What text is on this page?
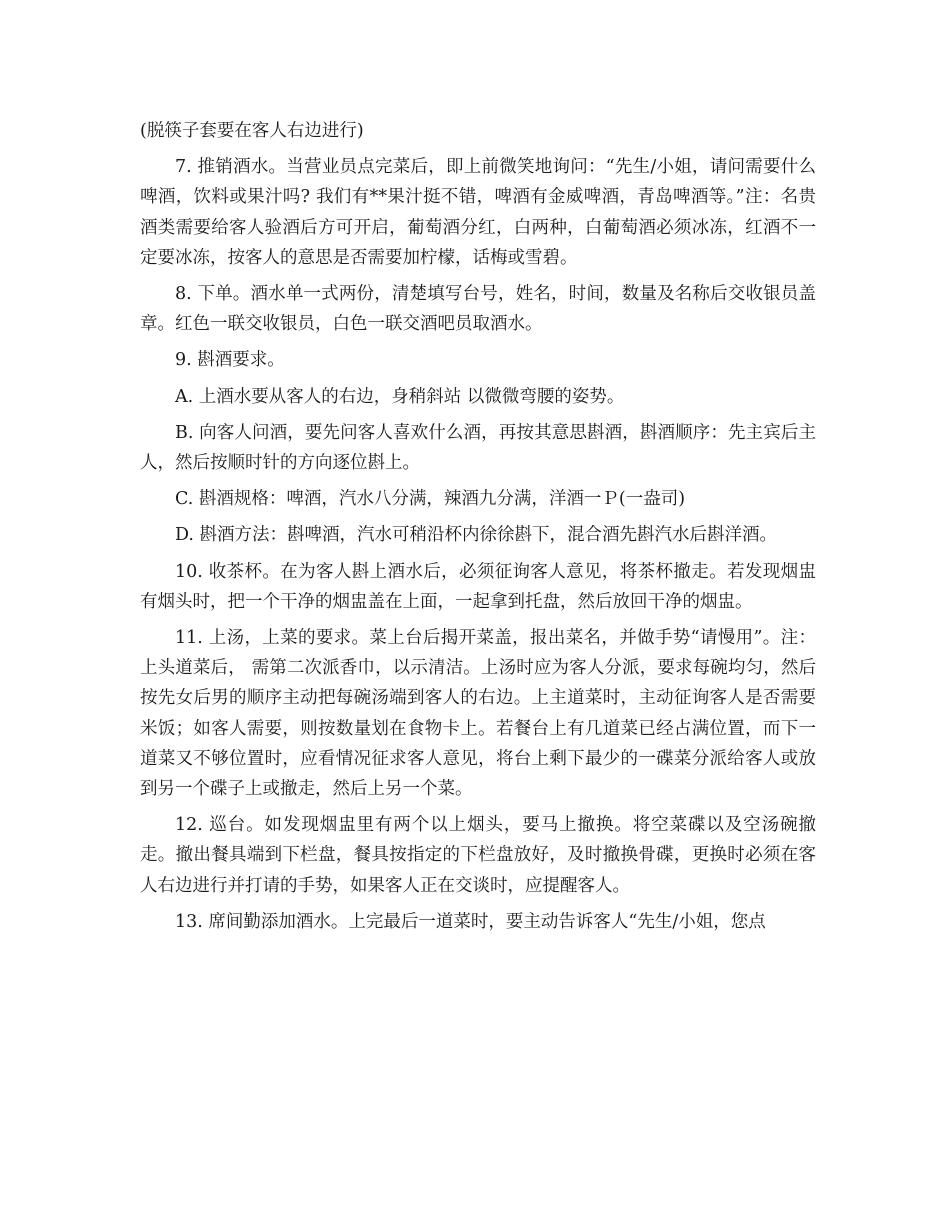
(脱筷子套要在客人右边进行)

7. 推销酒水。当营业员点完菜后，即上前微笑地询问：“先生/小姐，请问需要什么啤酒，饮料或果汁吗? 我们有**果汁挺不错，啤酒有金威啤酒，青岛啤酒等。”注：名贵酒类需要给客人验酒后方可开启，葡萄酒分红，白两种，白葡萄酒必须冰冻，红酒不一定要冰冻，按客人的意思是否需要加柠檬，话梅或雪碧。

8. 下单。酒水单一式两份，清楚填写台号，姓名，时间，数量及名称后交收银员盖章。红色一联交收银员，白色一联交酒吧员取酒水。

9. 斟酒要求。

A. 上酒水要从客人的右边，身稍斜站 以微微弯腰的姿势。

B. 向客人问酒，要先问客人喜欢什么酒，再按其意思斟酒，斟酒顺序：先主宾后主人，然后按顺时针的方向逐位斟上。

C. 斟酒规格：啤酒，汽水八分满，辣酒九分满，洋酒一Ｐ(一盎司)

D. 斟酒方法：斟啤酒，汽水可稍沿杯内徐徐斟下，混合酒先斟汽水后斟洋酒。

10. 收茶杯。在为客人斟上酒水后，必须征询客人意见，将茶杯撤走。若发现烟盅有烟头时，把一个干净的烟盅盖在上面，一起拿到托盘，然后放回干净的烟盅。

11. 上汤，上菜的要求。菜上台后揭开菜盖，报出菜名，并做手势“请慢用”。注：上头道菜后， 需第二次派香巾，以示清洁。上汤时应为客人分派，要求每碗均匀，然后按先女后男的顺序主动把每碗汤端到客人的右边。上主道菜时，主动征询客人是否需要米饭；如客人需要，则按数量划在食物卡上。若餐台上有几道菜已经占满位置，而下一道菜又不够位置时，应看情况征求客人意见，将台上剩下最少的一碟菜分派给客人或放到另一个碟子上或撤走，然后上另一个菜。

12. 巡台。如发现烟盅里有两个以上烟头，要马上撤换。将空菜碟以及空汤碗撤走。撤出餐具端到下栏盘，餐具按指定的下栏盘放好，及时撤换骨碟，更换时必须在客人右边进行并打请的手势，如果客人正在交谈时，应提醒客人。

13. 席间勤添加酒水。上完最后一道菜时，要主动告诉客人“先生/小姐，您点
